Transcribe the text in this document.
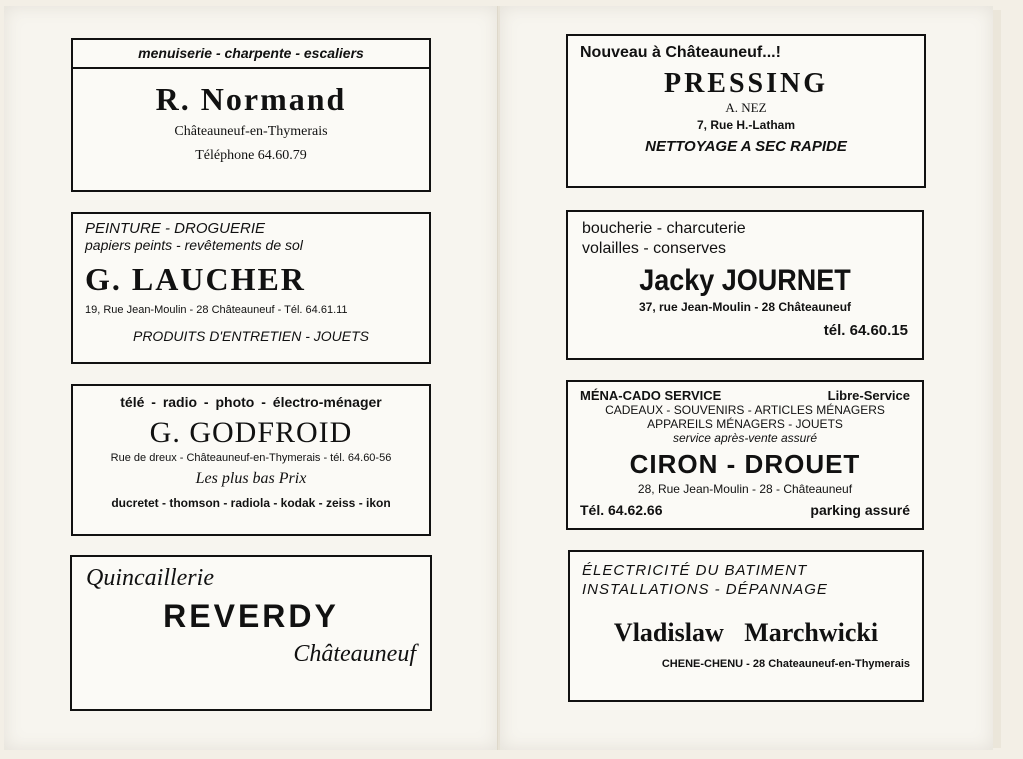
menuiserie - charpente - escaliers
R. Normand
Châteauneuf-en-Thymerais
Téléphone 64.60.79
PEINTURE - DROGUERIE
papiers peints - revêtements de sol
G. LAUCHER
19, Rue Jean-Moulin - 28 Châteauneuf - Tél. 64.61.11
PRODUITS D'ENTRETIEN - JOUETS
télé - radio - photo - électro-ménager
G. GODFROID
Rue de dreux - Châteauneuf-en-Thymerais - tél. 64.60-56
Les plus bas Prix
ducretet - thomson - radiola - kodak - zeiss - ikon
Quincaillerie
REVERDY
Châteauneuf
Nouveau à Châteauneuf...!
PRESSING
A. NEZ
7, Rue H.-Latham
NETTOYAGE A SEC RAPIDE
boucherie - charcuterie
volailles - conserves
Jacky JOURNET
37, rue Jean-Moulin - 28 Châteauneuf
tél. 64.60.15
MÉNA-CADO SERVICE	Libre-Service
CADEAUX - SOUVENIRS - ARTICLES MÉNAGERS
APPAREILS MÉNAGERS - JOUETS
service après-vente assuré
CIRON - DROUET
28, Rue Jean-Moulin - 28 - Châteauneuf
Tél. 64.62.66	parking assuré
ÉLECTRICITÉ DU BATIMENT
INSTALLATIONS - DÉPANNAGE
Vladislaw Marchwicki
CHENE-CHENU - 28 Chateauneuf-en-Thymerais
